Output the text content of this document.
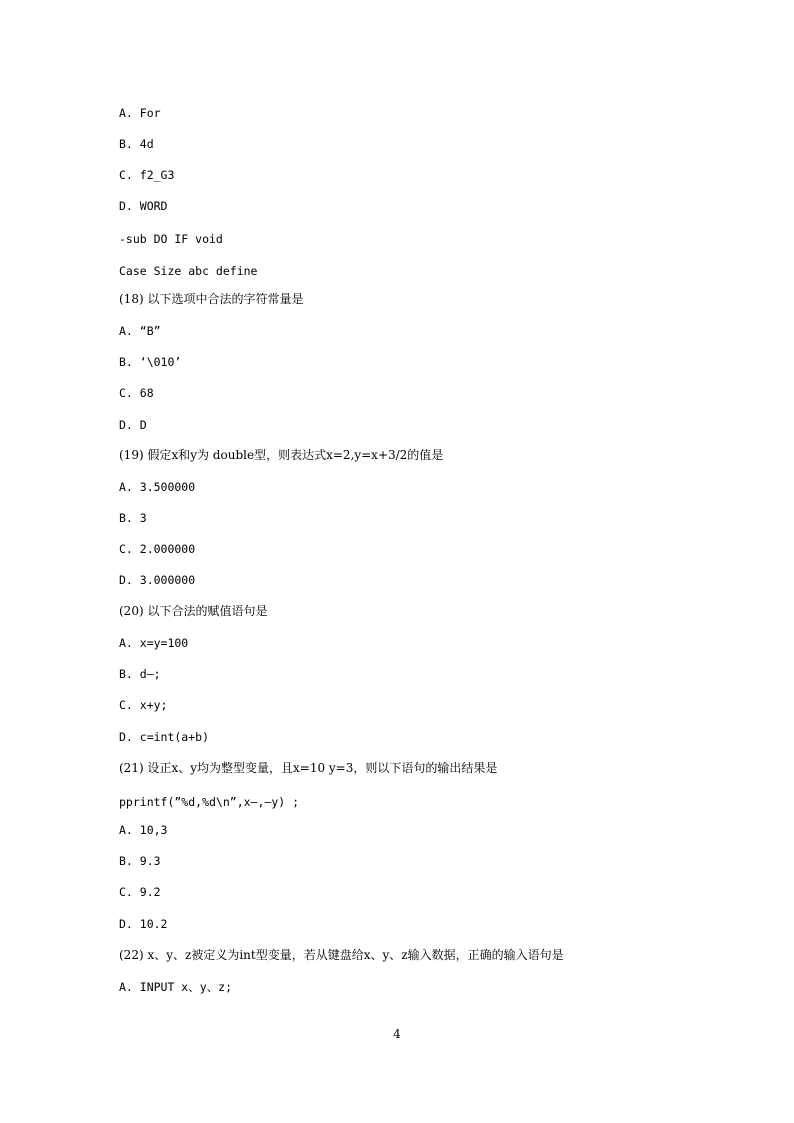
A. For
B. 4d
C. f2_G3
D. WORD
-sub DO IF void
Case Size abc define
(18) 以下选项中合法的字符常量是
A. “B”
B. ‘\010’
C. 68
D. D
(19) 假定x和y为 double型，则表达式x=2,y=x+3/2的值是
A. 3.500000
B. 3
C. 2.000000
D. 3.000000
(20) 以下合法的赋值语句是
A. x=y=100
B. d—;
C. x+y;
D. c=int(a+b)
(21) 设正x、y均为整型变量，且x=10 y=3，则以下语句的输出结果是
pprintf(”%d,%d\n”,x—,—y) ;
A. 10,3
B. 9.3
C. 9.2
D. 10.2
(22) x、y、z被定义为int型变量，若从键盘给x、y、z输入数据，正确的输入语句是
A. INPUT x、y、z;
4
